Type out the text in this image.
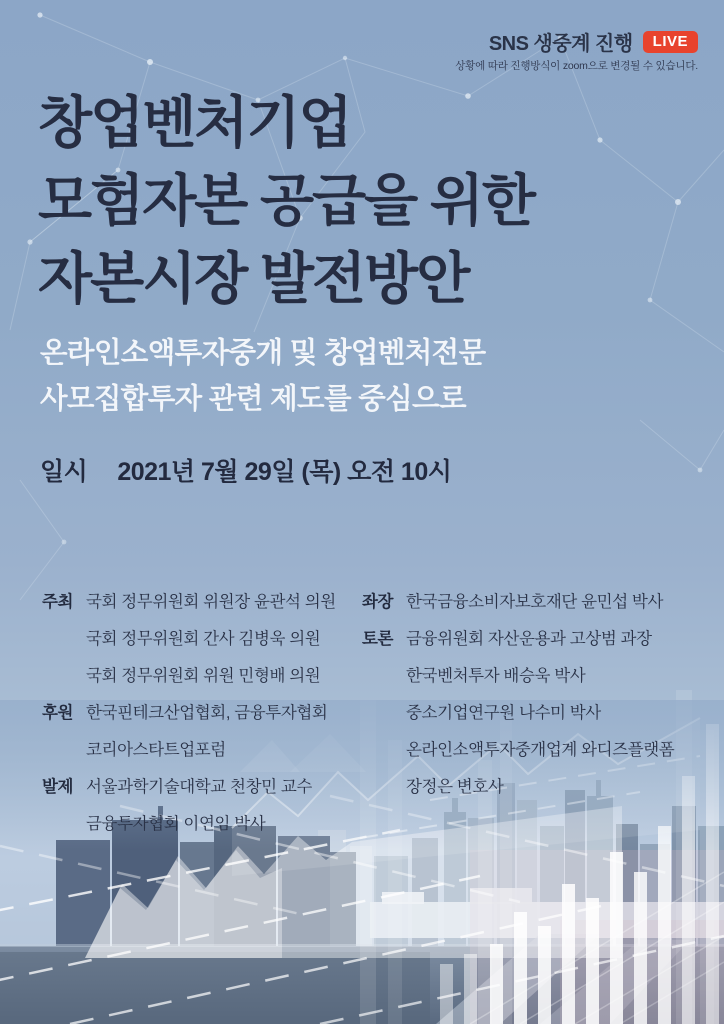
SNS 생중계 진행	LIVE
상황에 따라 진행방식이 zoom으로 변경될 수 있습니다.
창업벤처기업
모험자본 공급을 위한
자본시장 발전방안
온라인소액투자중개 및 창업벤처전문
사모집합투자 관련 제도를 중심으로
일시 2021년 7월 29일 (목) 오전 10시
주최 국회 정무위원회 위원장 윤관석 의원
국회 정무위원회 간사 김병욱 의원
국회 정무위원회 위원 민형배 의원
후원 한국핀테크산업협회, 금융투자협회
코리아스타트업포럼
발제 서울과학기술대학교 천창민 교수
금융투자협회 이연임 박사
좌장 한국금융소비자보호재단 윤민섭 박사
토론 금융위원회 자산운용과 고상범 과장
한국벤처투자 배승욱 박사
중소기업연구원 나수미 박사
온라인소액투자중개업계 와디즈플랫폼
장정은 변호사
